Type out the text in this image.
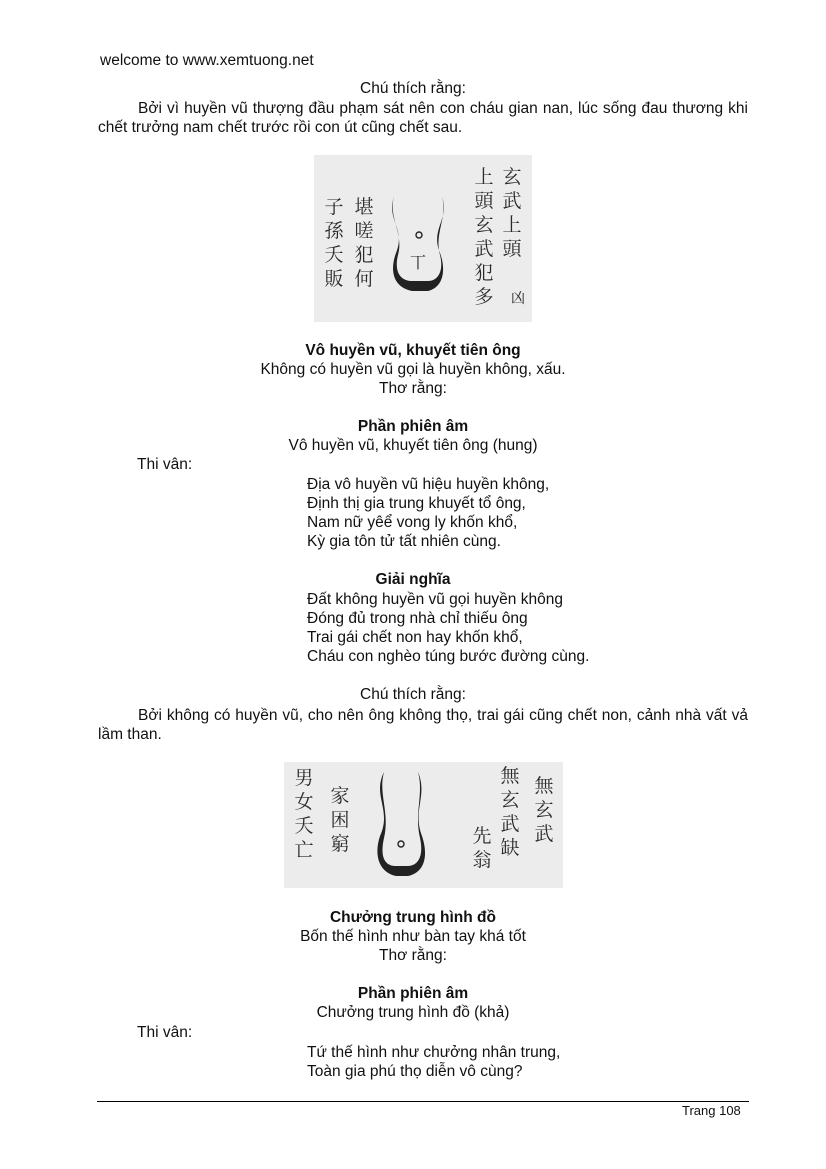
welcome to www.xemtuong.net
Chú thích rằng:
Bởi vì huyền vũ thượng đầu phạm sát nên con cháu gian nan, lúc sống đau thương khi chết trưởng nam chết trước rồi con út cũng chết sau.
玄武上頭
上頭玄武犯多	凶
堪嗟犯何
子孫夭販
丅
Vô huyền vũ, khuyết tiên ông
Không có huyền vũ gọi là huyền không, xấu.
Thơ rằng:
Phần phiên âm
Vô huyền vũ, khuyết tiên ông (hung)
Thi vân:
Địa vô huyền vũ hiệu huyền không,
Định thị gia trung khuyết tổ ông,
Nam nữ yêể vong ly khốn khổ,
Kỳ gia tôn tử tất nhiên cùng.
Giải nghĩa
Đất không huyền vũ gọi huyền không
Đóng đủ trong nhà chỉ thiếu ông
Trai gái chết non hay khốn khổ,
Cháu con nghèo túng bước đường cùng.
Chú thích rằng:
Bởi không có huyền vũ, cho nên ông không thọ, trai gái cũng chết non, cảnh nhà vất vả lầm than.
無玄武
無玄武缺
先翁
家困窮
男女夭亡
Chưởng trung hình đồ
Bốn thế hình như bàn tay khá tốt
Thơ rằng:
Phần phiên âm
Chưởng trung hình đồ (khả)
Thi vân:
Tứ thế hình như chưởng nhân trung,
Toàn gia phú thọ diễn vô cùng?
Trang 108
